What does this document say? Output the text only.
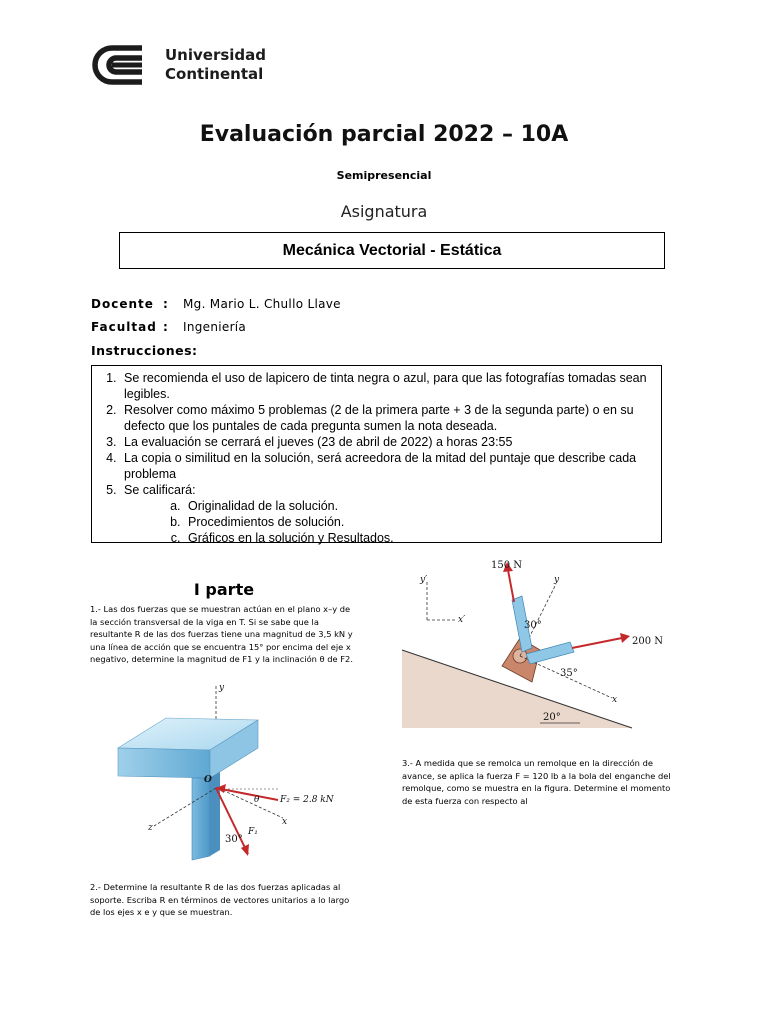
Universidad
Continental
Evaluación parcial 2022 – 10A
Semipresencial
Asignatura
Mecánica Vectorial - Estática
Docente :	Mg. Mario L. Chullo Llave
Facultad :	Ingeniería
Instrucciones:
1. Se recomienda el uso de lapicero de tinta negra o azul, para que las fotografías tomadas sean legibles.
2. Resolver como máximo 5 problemas (2 de la primera parte + 3 de la segunda parte) o en su defecto que los puntales de cada pregunta sumen la nota deseada.
3. La evaluación se cerrará el jueves (23 de abril de 2022) a horas 23:55
4. La copia o similitud en la solución, será acreedora de la mitad del puntaje que describe cada problema
5. Se calificará:
a. Originalidad de la solución.
b. Procedimientos de solución.
c. Gráficos en la solución y Resultados.
I parte
1.- Las dos fuerzas que se muestran actúan en el plano x–y de la sección transversal de la viga en T. Si se sabe que la resultante R de las dos fuerzas tiene una magnitud de 3,5 kN y una línea de acción que se encuentra 15° por encima del eje x negativo, determine la magnitud de F1 y la inclinación θ de F2.
y
z
x
O
F₂ = 2.8 kN
θ
F₁
30°
2.- Determine la resultante R de las dos fuerzas aplicadas al soporte. Escriba R en términos de vectores unitarios a lo largo de los ejes x e y que se muestran.
20°
y′
x′
y
x
150 N
200 N
30°
35°
3.- A medida que se remolca un remolque en la dirección de avance, se aplica la fuerza F = 120 lb a la bola del enganche del remolque, como se muestra en la figura. Determine el momento de esta fuerza con respecto al
